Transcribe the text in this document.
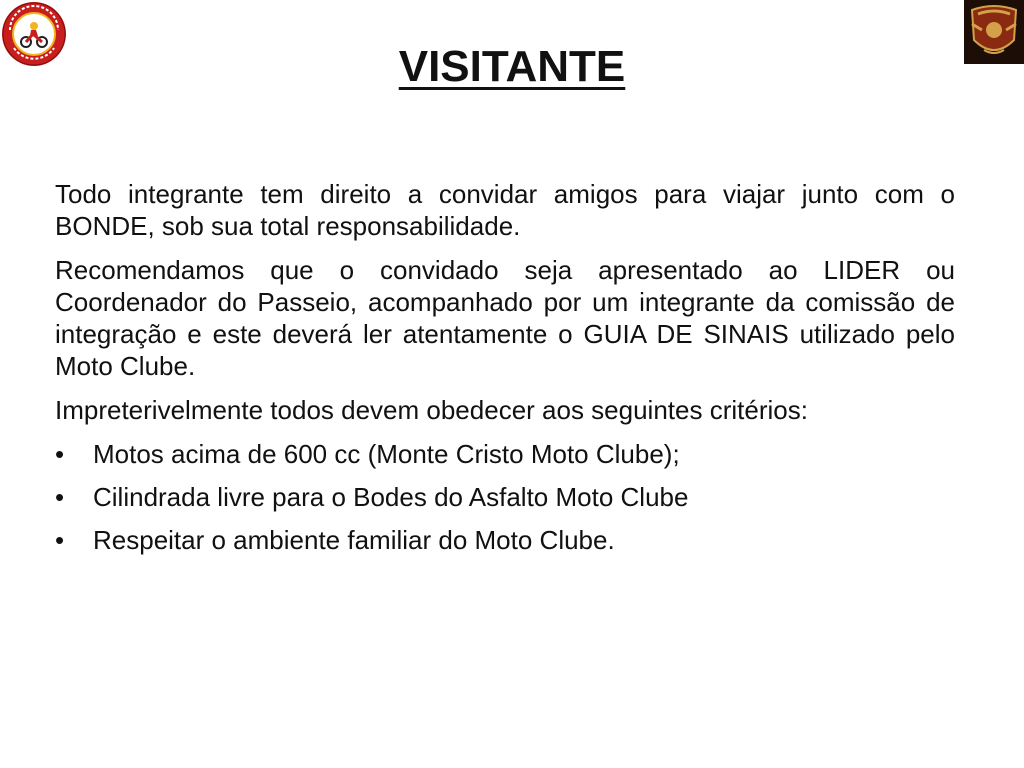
VISITANTE

Todo integrante tem direito a convidar amigos para viajar junto com o BONDE, sob sua total responsabilidade.

Recomendamos que o convidado seja apresentado ao LIDER ou Coordenador do Passeio, acompanhado por um integrante da comissão de integração e este deverá ler atentamente o GUIA DE SINAIS utilizado pelo Moto Clube.

Impreterivelmente todos devem obedecer aos seguintes critérios:

•	Motos acima de 600 cc (Monte Cristo Moto Clube);
•	Cilindrada livre para o Bodes do Asfalto Moto Clube
•	Respeitar o ambiente familiar do Moto Clube.
